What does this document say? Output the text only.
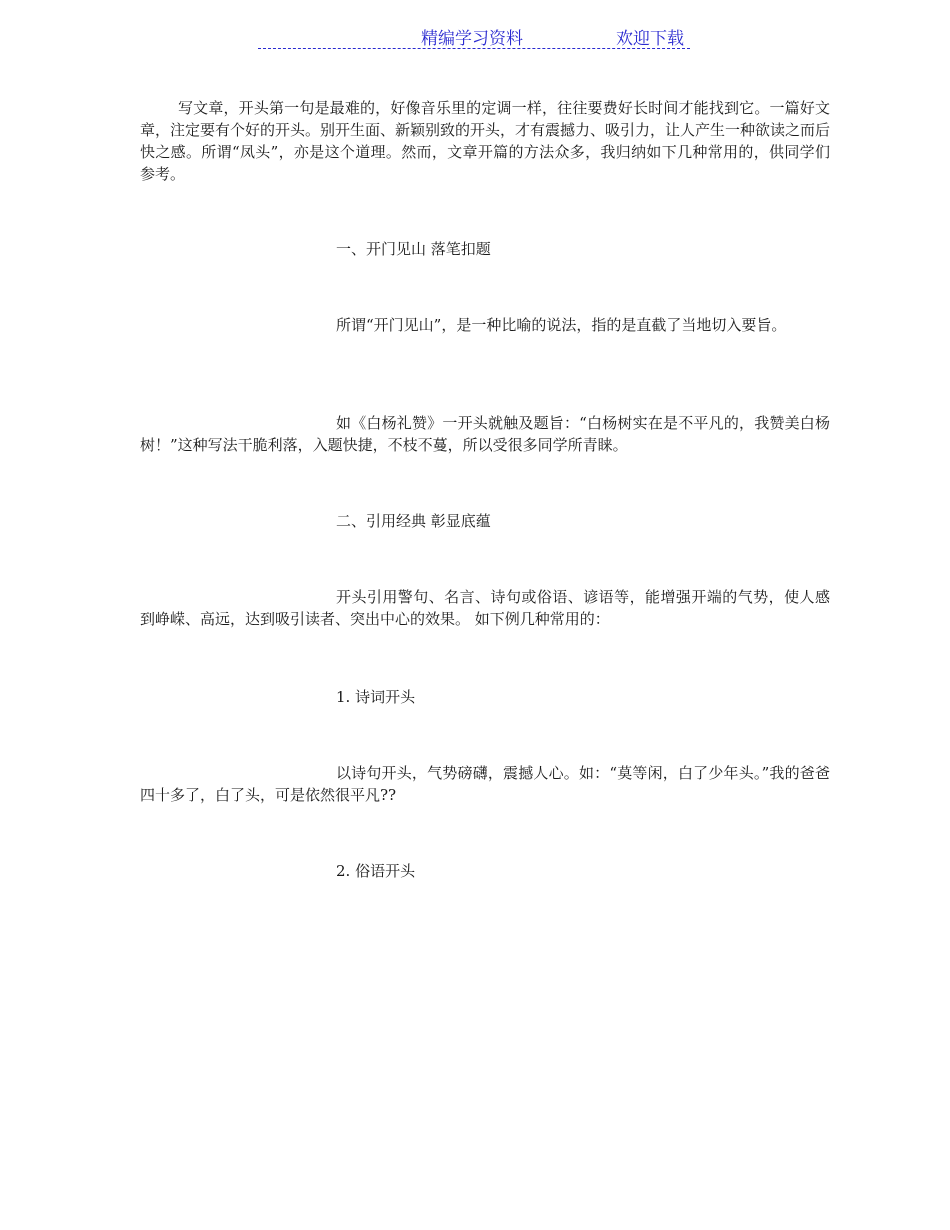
精编学习资料	欢迎下载

写文章，开头第一句是最难的，好像音乐里的定调一样，往往要费好长时间才能找到它。一篇好文章，注定要有个好的开头。别开生面、新颖别致的开头，才有震撼力、吸引力，让人产生一种欲读之而后快之感。所谓“凤头”，亦是这个道理。然而，文章开篇的方法众多，我归纳如下几种常用的，供同学们参考。

一、开门见山 落笔扣题

所谓“开门见山”，是一种比喻的说法，指的是直截了当地切入要旨。

如《白杨礼赞》一开头就触及题旨：“白杨树实在是不平凡的，我赞美白杨树！”这种写法干脆利落，入题快捷，不枝不蔓，所以受很多同学所青睐。

二、引用经典 彰显底蕴

开头引用警句、名言、诗句或俗语、谚语等，能增强开端的气势，使人感到峥嵘、高远，达到吸引读者、突出中心的效果。 如下例几种常用的：

1. 诗词开头

以诗句开头，气势磅礴，震撼人心。如：“莫等闲，白了少年头。”我的爸爸四十多了，白了头，可是依然很平凡??

2. 俗语开头
